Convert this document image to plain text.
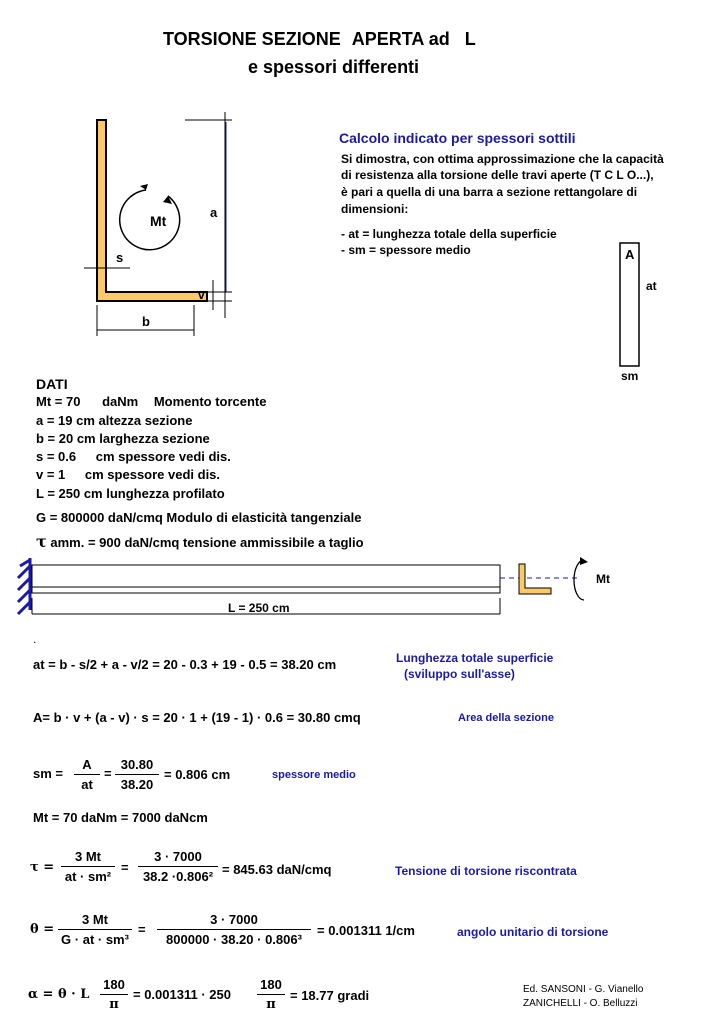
TORSIONE SEZIONE APERTA ad L
e spessori differenti
Mt
a
s
b
v
A
at
sm
Calcolo indicato per spessori sottili
Si dimostra, con ottima approssimazione che la capacità
di resistenza alla torsione delle travi aperte (T C L O...),
è pari a quella di una barra a sezione rettangolare di
dimensioni:
- at = lunghezza totale della superficie
- sm = spessore medio
DATI
Mt = 70 daNm Momento torcente
a = 19 cm altezza sezione
b = 20 cm larghezza sezione
s = 0.6 cm spessore vedi dis.
v = 1 cm spessore vedi dis.
L = 250 cm lunghezza profilato
G = 800000 daN/cmq Modulo di elasticità tangenziale
τ amm. = 900 daN/cmq tensione ammissibile a taglio
L = 250 cm
Mt
.
at = b - s/2 + a - v/2 = 20 - 0.3 + 19 - 0.5 = 38.20 cm	Lunghezza totale superficie
(sviluppo sull'asse)
A= b · v + (a - v) · s = 20 · 1 + (19 - 1) · 0.6 = 30.80 cmq	Area della sezione
sm =
A
at
=
30.80
38.20
= 0.806 cm	spessore medio
Mt = 70 daNm = 7000 daNcm
τ =
3 Mt
at · sm²
=
3 · 7000
38.2 ·0.806² = 845.63 daN/cmq	Tensione di torsione riscontrata
θ =
3 Mt
G · at · sm³
=
3 · 7000
800000 · 38.20 · 0.806³
= 0.001311 1/cm	angolo unitario di torsione
α = θ · L
180
π
= 0.001311 · 250
180
π
= 18.77 gradi	Ed. SANSONI - G. Vianello
ZANICHELLI - O. Belluzzi
